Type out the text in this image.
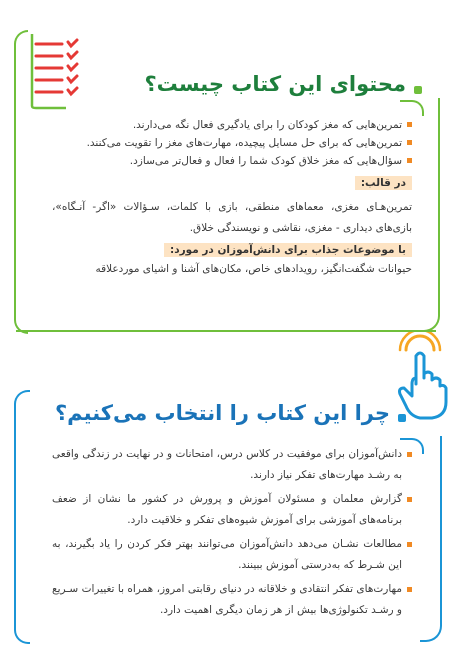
محتوای این کتاب چیست؟
تمرین‌هایی که مغز کودکان را برای یادگیری فعال نگه می‌دارند.
تمرین‌هایی که برای حل مسایل پیچیده، مهارت‌های مغز را تقویت می‌کنند.
سؤال‌هایی که مغز خلاق کودک شما را فعال و فعال‌تر می‌سازد.
در قالب:
تمرین‌هـای مغزی، معماهای منطقی، بازی با کلمات، سـؤالات «اگر- آنـگاه»، بازی‌های دیداری - مغزی، نقاشی و نویسندگی خلاق.
با موضوعات جذاب برای دانش‌آموزان در مورد:
حیوانات شگفت‌انگیز، رویدادهای خاص، مکان‌های آشنا و اشیای موردعلاقه
چرا این کتاب را انتخاب می‌کنیم؟
دانش‌آموزان برای موفقیت در کلاس درس، امتحانات و در نهایت در زندگی واقعی به رشـد مهارت‌های تفکر نیاز دارند.
گزارش معلمان و مسئولان آموزش و پرورش در کشور ما نشان از ضعف برنامه‌های آموزشی برای آموزش شیوه‌های تفکر و خلاقیت دارد.
مطالعات نشـان می‌دهد دانش‌آموزان می‌توانند بهتر فکر کردن را یاد بگیرند، به این شـرط که به‌درستی آموزش ببینند.
مهارت‌های تفکر انتقادی و خلاقانه در دنیای رقابتی امروز، همراه با تغییرات سـریع و رشـد تکنولوژی‌ها بیش از هر زمان دیگری اهمیت دارد.
